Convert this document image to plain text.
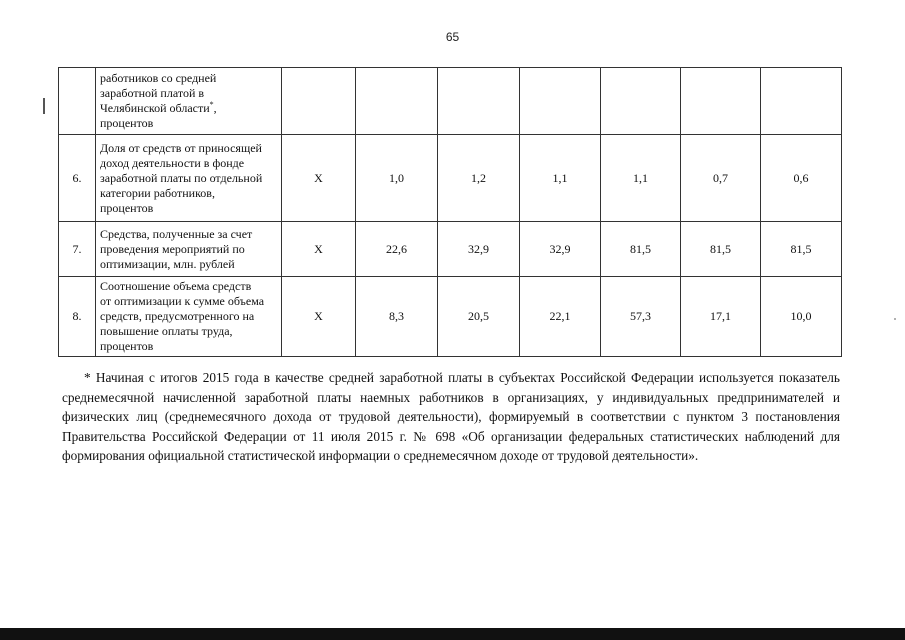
65

	работников со средней
заработной платой в
Челябинской области*,
процентов							

6.	Доля от средств от приносящей
доход деятельности в фонде
заработной платы по отдельной
категории работников,
процентов	X	1,0	1,2	1,1	1,1	0,7	0,6
7.	Средства, полученные за счет
проведения мероприятий по
оптимизации, млн. рублей	X	22,6	32,9	32,9	81,5	81,5	81,5
8.	Соотношение объема средств
от оптимизации к сумме объема
средств, предусмотренного на
повышение оплаты труда,
процентов	X	8,3	20,5	22,1	57,3	17,1	10,0

* Начиная с итогов 2015 года в качестве средней заработной платы в субъектах Российской Федерации используется показатель среднемесячной начисленной заработной платы наемных работников в организациях, у индивидуальных предпринимателей и физических лиц (среднемесячного дохода от трудовой деятельности), формируемый в соответствии с пунктом 3 постановления Правительства Российской Федерации от 11 июля 2015 г. № 698 «Об организации федеральных статистических наблюдений для формирования официальной статистической информации о среднемесячном доходе от трудовой деятельности».
